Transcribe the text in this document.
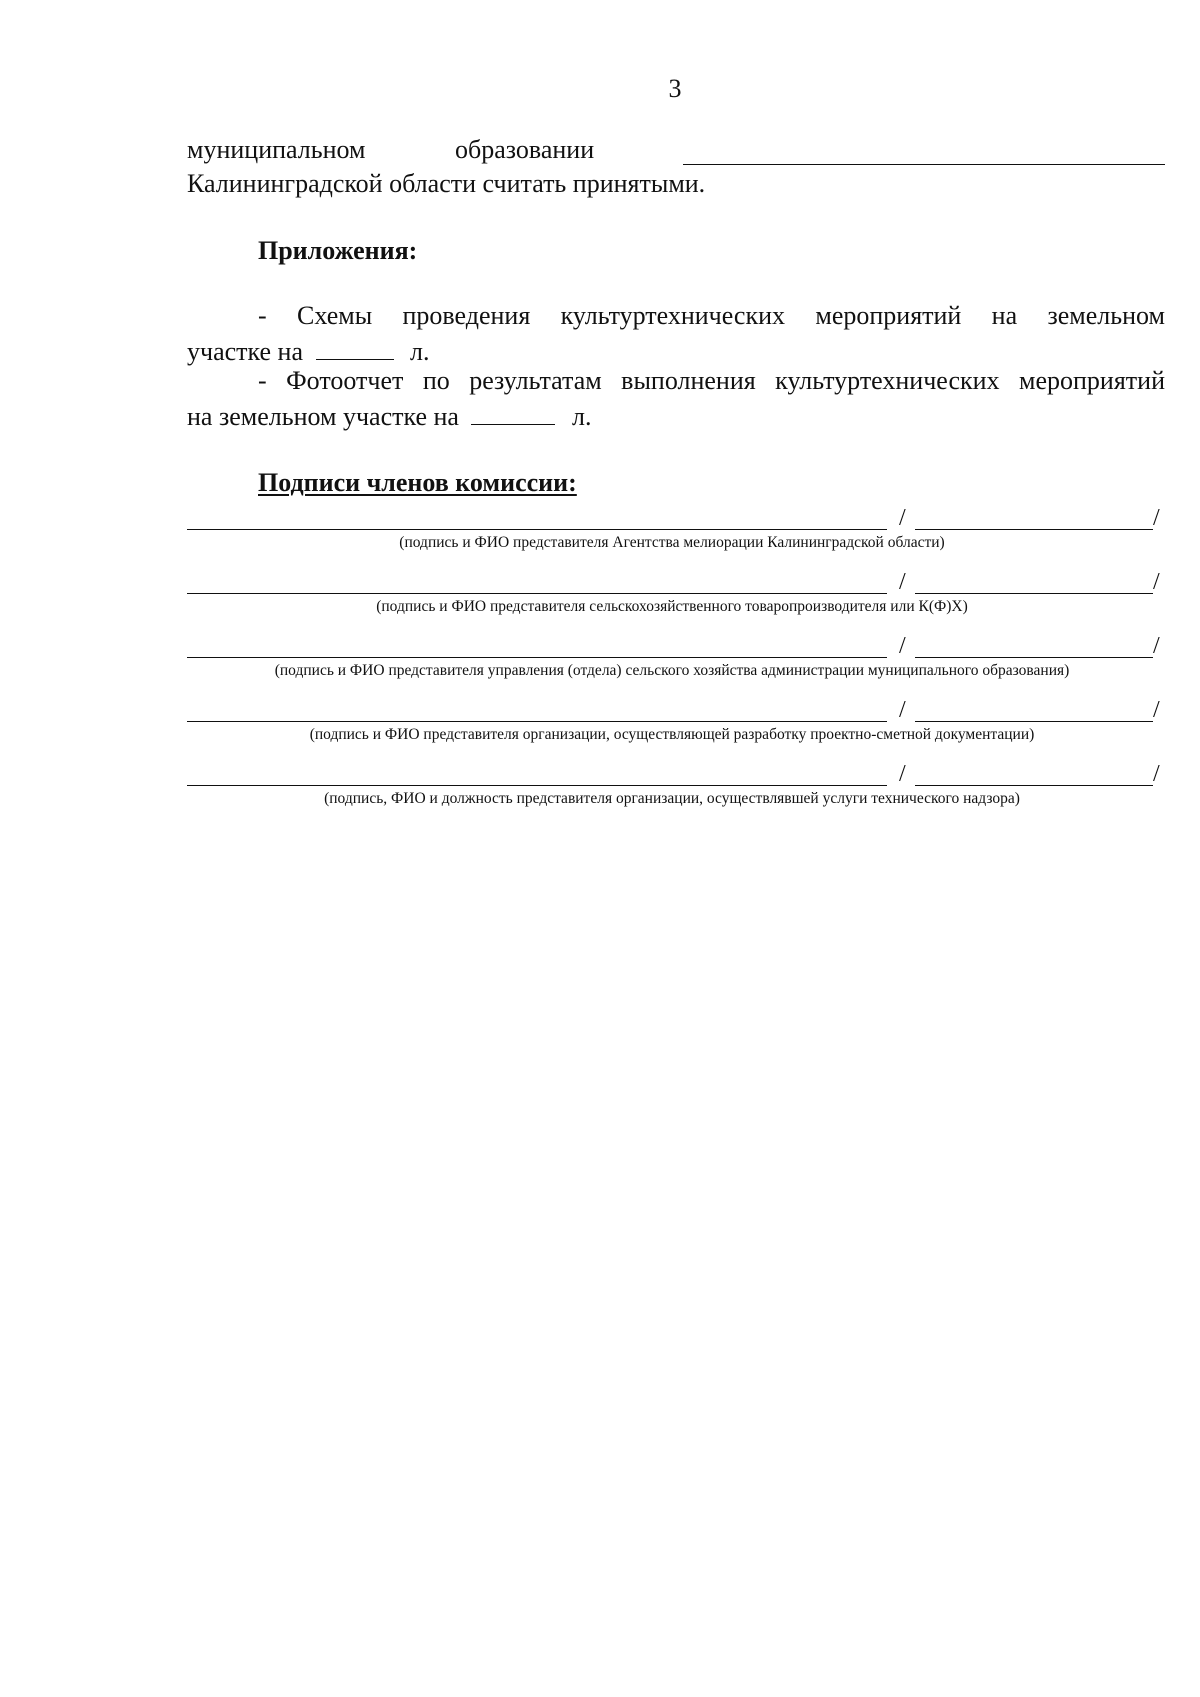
3
муниципальном	образовании
Калининградской области считать принятыми.
Приложения:
- Схемы проведения культуртехнических мероприятий на земельном
участке на	л.
- Фотоотчет по результатам выполнения культуртехнических мероприятий
на земельном участке на	л.
Подписи членов комиссии:
/	/
(подпись и ФИО представителя Агентства мелиорации Калининградской области)
/	/
(подпись и ФИО представителя сельскохозяйственного товаропроизводителя или К(Ф)Х)
/	/
(подпись и ФИО представителя управления (отдела) сельского хозяйства администрации муниципального образования)
/	/
(подпись и ФИО представителя организации, осуществляющей разработку проектно-сметной документации)
/	/
(подпись, ФИО и должность представителя организации, осуществлявшей услуги технического надзора)
